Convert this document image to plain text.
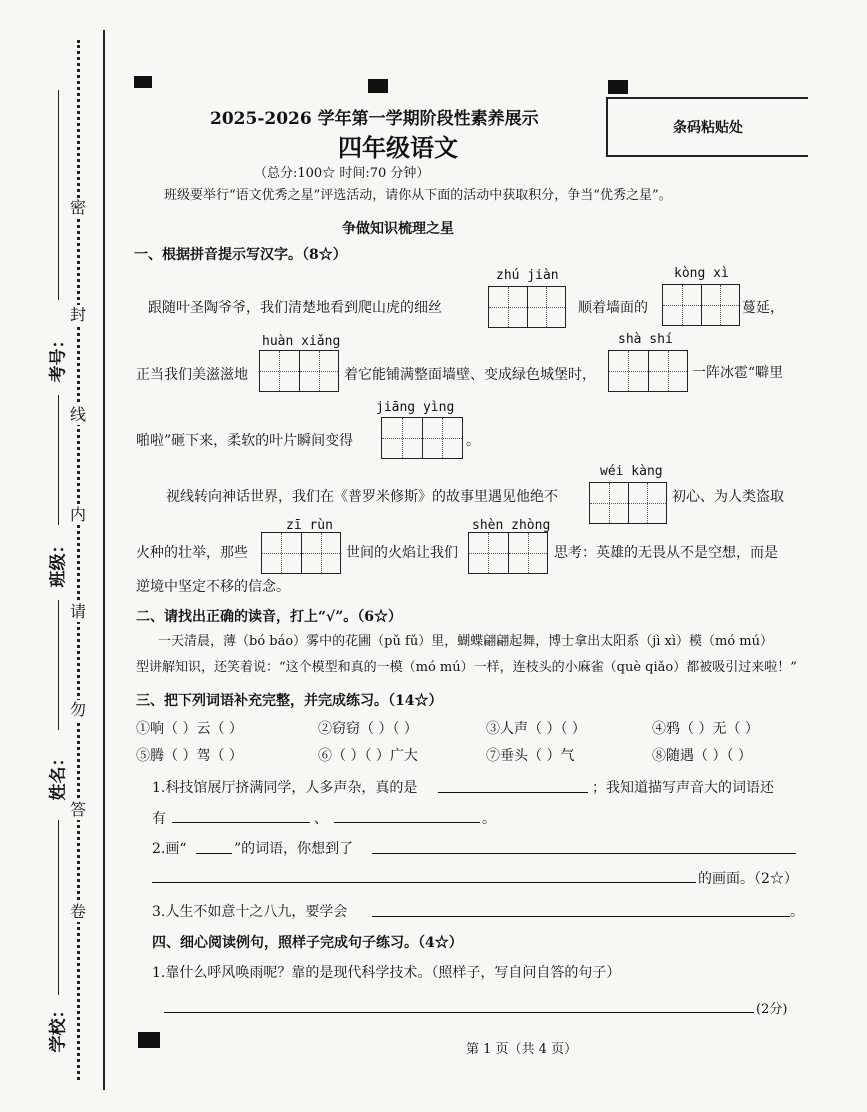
考号：
班级：
姓名：
学校：
密
封
线
内
请
勿
答
卷
条码粘贴处
2025-2026 学年第一学期阶段性素养展示
四年级语文
（总分:100☆ 时间:70 分钟）
班级要举行“语文优秀之星”评选活动，请你从下面的活动中获取积分，争当“优秀之星”。
争做知识梳理之星
一、根据拼音提示写汉字。（8☆）
zhú jiàn	kòng xì
跟随叶圣陶爷爷，我们清楚地看到爬山虎的细丝	顺着墙面的	蔓延，
huàn xiǎng	shà shí
正当我们美滋滋地	着它能铺满整面墙壁、变成绿色城堡时，	一阵冰雹“噼里
jiāng yìng
啪啦”砸下来，柔软的叶片瞬间变得	。
wéi kàng
视线转向神话世界，我们在《普罗米修斯》的故事里遇见他绝不	初心、为人类盗取
zī rùn	shèn zhòng
火种的壮举，那些	世间的火焰让我们	思考：英雄的无畏从不是空想，而是
逆境中坚定不移的信念。
二、请找出正确的读音，打上“√”。（6☆）
一天清晨，薄（bó báo）雾中的花圃（pǔ fǔ）里，蝴蝶翩翩起舞，博士拿出太阳系（jì xì）模（mó mú）
型讲解知识，还笑着说：“这个模型和真的一模（mó mú）一样，连枝头的小麻雀（què qiǎo）都被吸引过来啦！”
三、把下列词语补充完整，并完成练习。（14☆）
①响（ ）云（ ）	②窃窃（ ）（ ）	③人声（ ）（ ）	④鸦（ ）无（ ）
⑤腾（ ）驾（ ）	⑥（ ）（ ）广大	⑦垂头（ ）气	⑧随遇（ ）（ ）
1.科技馆展厅挤满同学，人多声杂，真的是	；我知道描写声音大的词语还
有	、	。
2.画“	”的词语，你想到了
的画面。（2☆）
3.人生不如意十之八九，要学会	。
四、细心阅读例句，照样子完成句子练习。（4☆）
1.靠什么呼风唤雨呢？靠的是现代科学技术。（照样子，写自问自答的句子）
(2分)
第 1 页（共 4 页）
